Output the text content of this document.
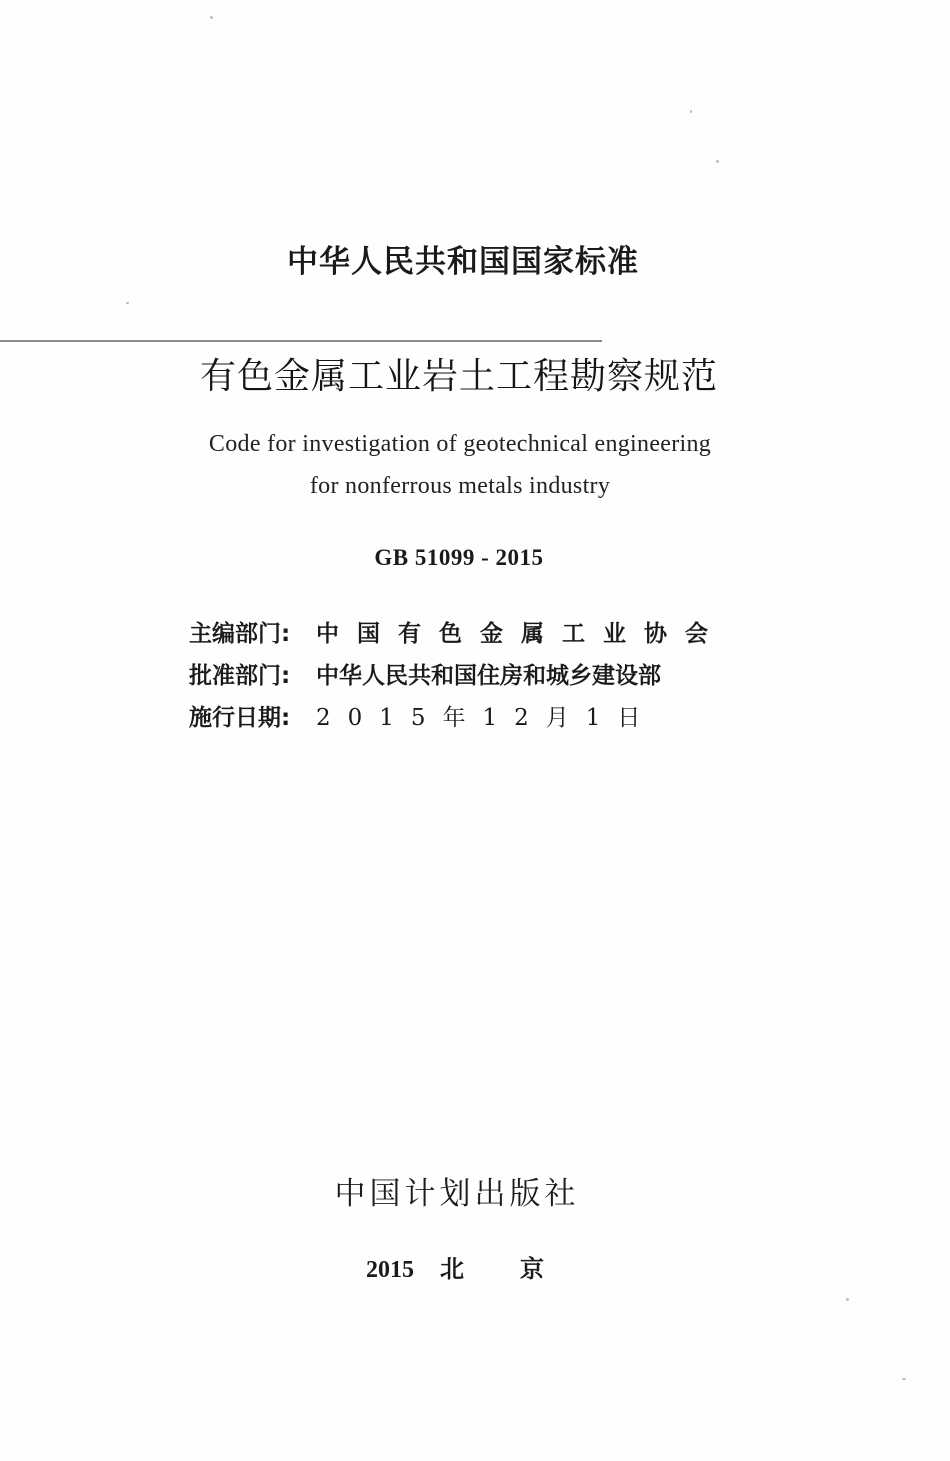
中华人民共和国国家标准
有色金属工业岩土工程勘察规范
Code for investigation of geotechnical engineering
for nonferrous metals industry
GB 51099 - 2015
主编部门:	中国有色金属工业协会
批准部门:	中华人民共和国住房和城乡建设部
施行日期:	2015年12月1日
中国计划出版社
2015 北 京
